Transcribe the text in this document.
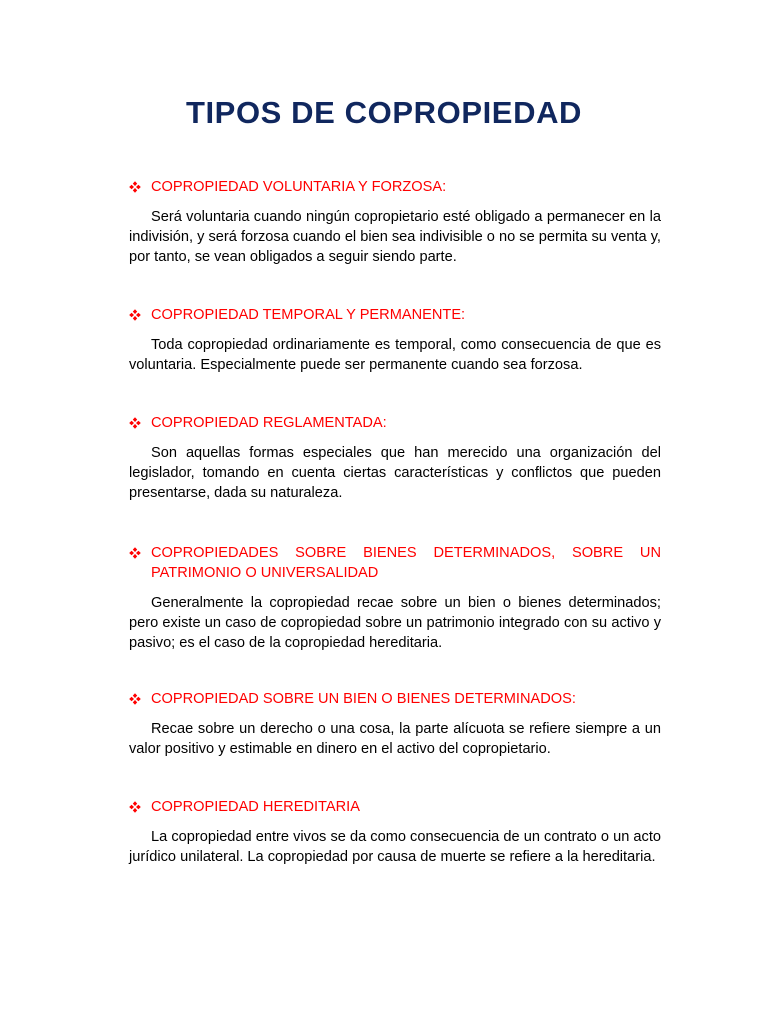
TIPOS DE COPROPIEDAD
COPROPIEDAD VOLUNTARIA Y FORZOSA:
Será voluntaria cuando ningún copropietario esté obligado a permanecer en la indivisión, y será forzosa cuando el bien sea indivisible o no se permita su venta y, por tanto, se vean obligados a seguir siendo parte.
COPROPIEDAD TEMPORAL Y PERMANENTE:
Toda copropiedad ordinariamente es temporal, como consecuencia de que es voluntaria. Especialmente puede ser permanente cuando sea forzosa.
COPROPIEDAD REGLAMENTADA:
Son aquellas formas especiales que han merecido una organización del legislador, tomando en cuenta ciertas características y conflictos que pueden presentarse, dada su naturaleza.
COPROPIEDADES SOBRE BIENES DETERMINADOS, SOBRE UN PATRIMONIO O UNIVERSALIDAD
Generalmente la copropiedad recae sobre un bien o bienes determinados; pero existe un caso de copropiedad sobre un patrimonio integrado con su activo y pasivo; es el caso de la copropiedad hereditaria.
COPROPIEDAD SOBRE UN BIEN O BIENES DETERMINADOS:
Recae sobre un derecho o una cosa, la parte alícuota se refiere siempre a un valor positivo y estimable en dinero en el activo del copropietario.
COPROPIEDAD HEREDITARIA
La copropiedad entre vivos se da como consecuencia de un contrato o un acto jurídico unilateral. La copropiedad por causa de muerte se refiere a la hereditaria.
